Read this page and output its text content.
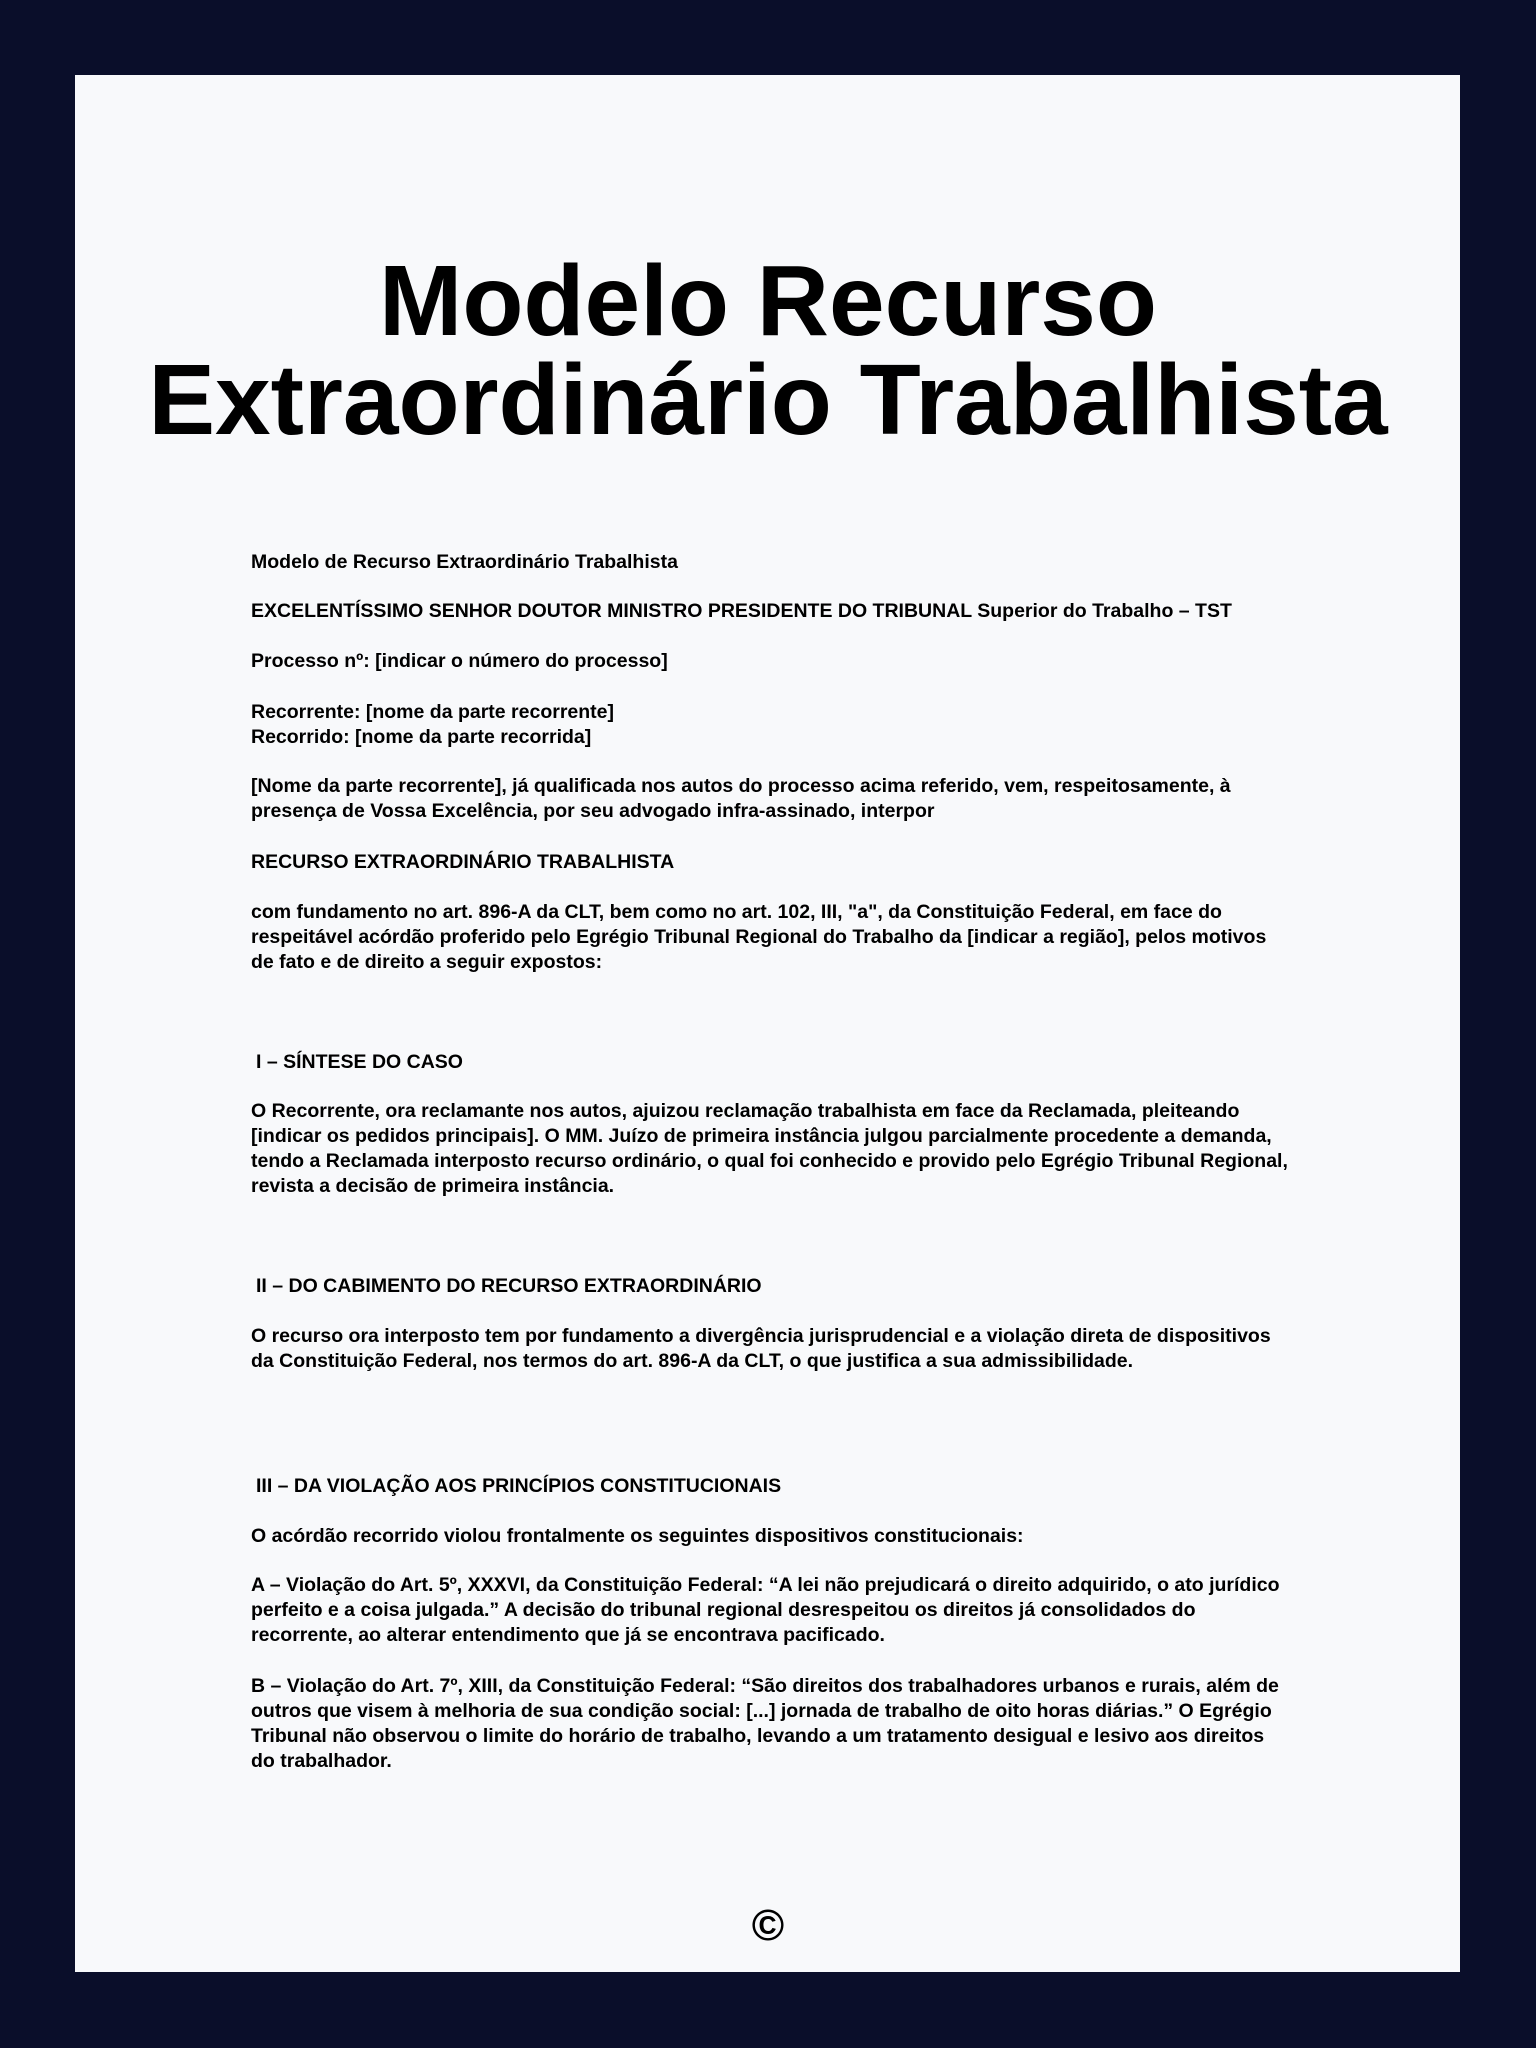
Modelo Recurso
Extraordinário Trabalhista

Modelo de Recurso Extraordinário Trabalhista

EXCELENTÍSSIMO SENHOR DOUTOR MINISTRO PRESIDENTE DO TRIBUNAL Superior do Trabalho – TST

Processo nº: [indicar o número do processo]

Recorrente: [nome da parte recorrente]

Recorrido: [nome da parte recorrida]

[Nome da parte recorrente], já qualificada nos autos do processo acima referido, vem, respeitosamente, à presença de Vossa Excelência, por seu advogado infra-assinado, interpor

RECURSO EXTRAORDINÁRIO TRABALHISTA

com fundamento no art. 896-A da CLT, bem como no art. 102, III, "a", da Constituição Federal, em face do respeitável acórdão proferido pelo Egrégio Tribunal Regional do Trabalho da [indicar a região], pelos motivos de fato e de direito a seguir expostos:

I – SÍNTESE DO CASO

O Recorrente, ora reclamante nos autos, ajuizou reclamação trabalhista em face da Reclamada, pleiteando [indicar os pedidos principais]. O MM. Juízo de primeira instância julgou parcialmente procedente a demanda, tendo a Reclamada interposto recurso ordinário, o qual foi conhecido e provido pelo Egrégio Tribunal Regional, revista a decisão de primeira instância.

II – DO CABIMENTO DO RECURSO EXTRAORDINÁRIO

O recurso ora interposto tem por fundamento a divergência jurisprudencial e a violação direta de dispositivos da Constituição Federal, nos termos do art. 896-A da CLT, o que justifica a sua admissibilidade.

III – DA VIOLAÇÃO AOS PRINCÍPIOS CONSTITUCIONAIS

O acórdão recorrido violou frontalmente os seguintes dispositivos constitucionais:

A – Violação do Art. 5º, XXXVI, da Constituição Federal: “A lei não prejudicará o direito adquirido, o ato jurídico perfeito e a coisa julgada.” A decisão do tribunal regional desrespeitou os direitos já consolidados do recorrente, ao alterar entendimento que já se encontrava pacificado.

B – Violação do Art. 7º, XIII, da Constituição Federal: “São direitos dos trabalhadores urbanos e rurais, além de outros que visem à melhoria de sua condição social: [...] jornada de trabalho de oito horas diárias.” O Egrégio Tribunal não observou o limite do horário de trabalho, levando a um tratamento desigual e lesivo aos direitos do trabalhador.

©
